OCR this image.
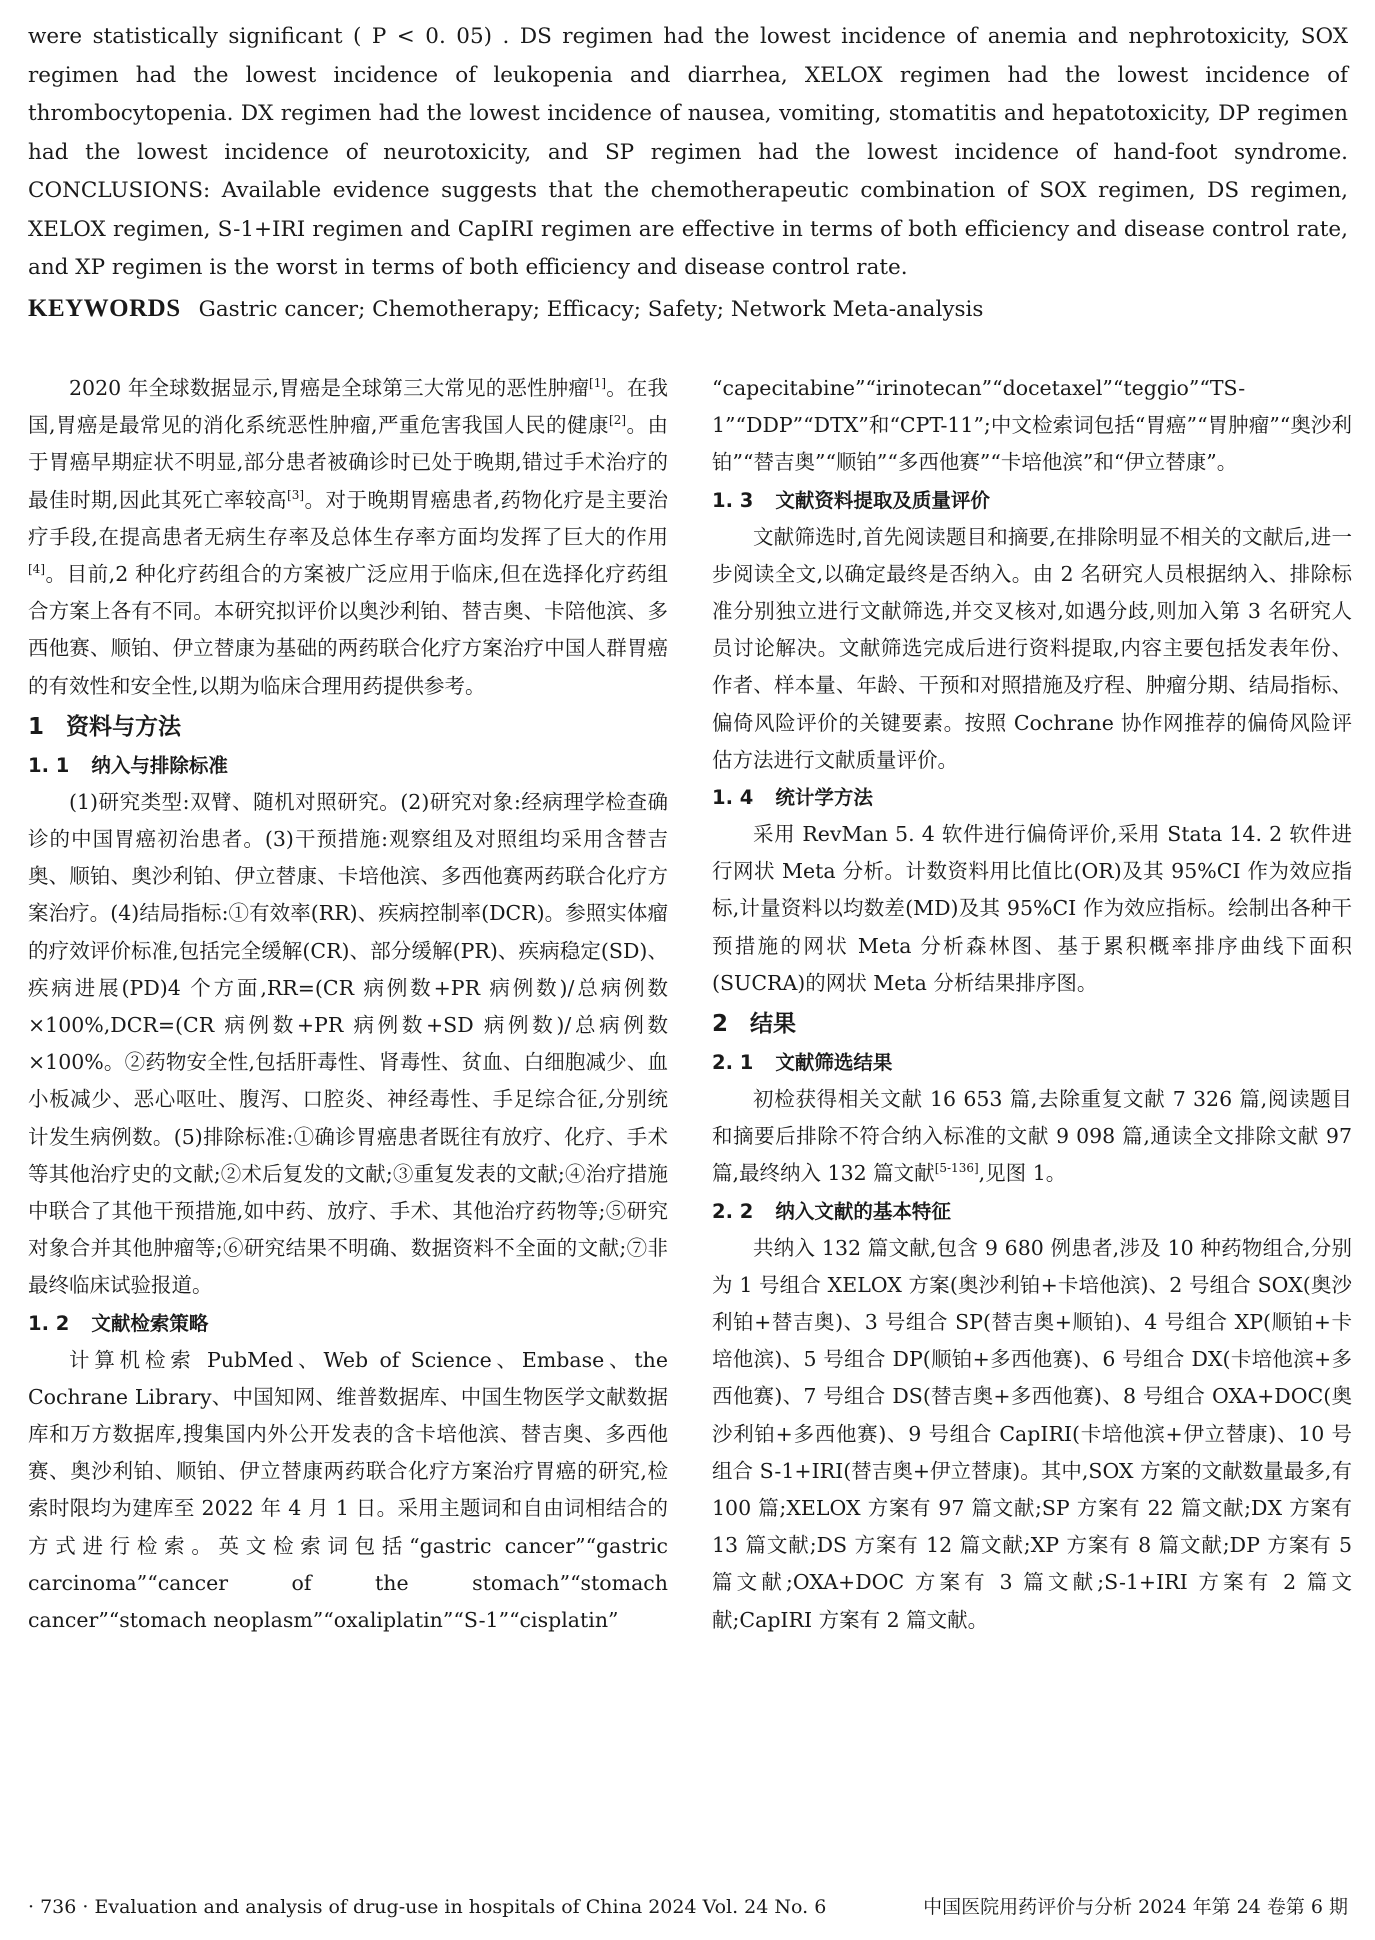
were statistically significant ( P < 0. 05) . DS regimen had the lowest incidence of anemia and nephrotoxicity, SOX regimen had the lowest incidence of leukopenia and diarrhea, XELOX regimen had the lowest incidence of thrombocytopenia. DX regimen had the lowest incidence of nausea, vomiting, stomatitis and hepatotoxicity, DP regimen had the lowest incidence of neurotoxicity, and SP regimen had the lowest incidence of hand-foot syndrome. CONCLUSIONS: Available evidence suggests that the chemotherapeutic combination of SOX regimen, DS regimen, XELOX regimen, S-1+IRI regimen and CapIRI regimen are effective in terms of both efficiency and disease control rate, and XP regimen is the worst in terms of both efficiency and disease control rate.

KEYWORDS Gastric cancer; Chemotherapy; Efficacy; Safety; Network Meta-analysis

2020 年全球数据显示,胃癌是全球第三大常见的恶性肿瘤[1]。在我国,胃癌是最常见的消化系统恶性肿瘤,严重危害我国人民的健康[2]。由于胃癌早期症状不明显,部分患者被确诊时已处于晚期,错过手术治疗的最佳时期,因此其死亡率较高[3]。对于晚期胃癌患者,药物化疗是主要治疗手段,在提高患者无病生存率及总体生存率方面均发挥了巨大的作用[4]。目前,2 种化疗药组合的方案被广泛应用于临床,但在选择化疗药组合方案上各有不同。本研究拟评价以奥沙利铂、替吉奥、卡陪他滨、多西他赛、顺铂、伊立替康为基础的两药联合化疗方案治疗中国人群胃癌的有效性和安全性,以期为临床合理用药提供参考。

1 资料与方法
1. 1 纳入与排除标准

(1)研究类型:双臂、随机对照研究。(2)研究对象:经病理学检查确诊的中国胃癌初治患者。(3)干预措施:观察组及对照组均采用含替吉奥、顺铂、奥沙利铂、伊立替康、卡培他滨、多西他赛两药联合化疗方案治疗。(4)结局指标:①有效率(RR)、疾病控制率(DCR)。参照实体瘤的疗效评价标准,包括完全缓解(CR)、部分缓解(PR)、疾病稳定(SD)、疾病进展(PD)4 个方面,RR=(CR 病例数+PR 病例数)/总病例数×100%,DCR=(CR 病例数+PR 病例数+SD 病例数)/总病例数×100%。②药物安全性,包括肝毒性、肾毒性、贫血、白细胞减少、血小板减少、恶心呕吐、腹泻、口腔炎、神经毒性、手足综合征,分别统计发生病例数。(5)排除标准:①确诊胃癌患者既往有放疗、化疗、手术等其他治疗史的文献;②术后复发的文献;③重复发表的文献;④治疗措施中联合了其他干预措施,如中药、放疗、手术、其他治疗药物等;⑤研究对象合并其他肿瘤等;⑥研究结果不明确、数据资料不全面的文献;⑦非最终临床试验报道。

1. 2 文献检索策略

计算机检索 PubMed、Web of Science、Embase、the Cochrane Library、中国知网、维普数据库、中国生物医学文献数据库和万方数据库,搜集国内外公开发表的含卡培他滨、替吉奥、多西他赛、奥沙利铂、顺铂、伊立替康两药联合化疗方案治疗胃癌的研究,检索时限均为建库至 2022 年 4 月 1 日。采用主题词和自由词相结合的方式进行检索。英文检索词包括“gastric cancer”“gastric carcinoma”“cancer of the stomach”“stomach cancer”“stomach neoplasm”“oxaliplatin”“S-1”“cisplatin”

“capecitabine”“irinotecan”“docetaxel”“teggio”“TS-1”“DDP”“DTX”和“CPT-11”;中文检索词包括“胃癌”“胃肿瘤”“奥沙利铂”“替吉奥”“顺铂”“多西他赛”“卡培他滨”和“伊立替康”。

1. 3 文献资料提取及质量评价

文献筛选时,首先阅读题目和摘要,在排除明显不相关的文献后,进一步阅读全文,以确定最终是否纳入。由 2 名研究人员根据纳入、排除标准分别独立进行文献筛选,并交叉核对,如遇分歧,则加入第 3 名研究人员讨论解决。文献筛选完成后进行资料提取,内容主要包括发表年份、作者、样本量、年龄、干预和对照措施及疗程、肿瘤分期、结局指标、偏倚风险评价的关键要素。按照 Cochrane 协作网推荐的偏倚风险评估方法进行文献质量评价。

1. 4 统计学方法

采用 RevMan 5. 4 软件进行偏倚评价,采用 Stata 14. 2 软件进行网状 Meta 分析。计数资料用比值比(OR)及其 95%CI 作为效应指标,计量资料以均数差(MD)及其 95%CI 作为效应指标。绘制出各种干预措施的网状 Meta 分析森林图、基于累积概率排序曲线下面积(SUCRA)的网状 Meta 分析结果排序图。

2 结果
2. 1 文献筛选结果

初检获得相关文献 16 653 篇,去除重复文献 7 326 篇,阅读题目和摘要后排除不符合纳入标准的文献 9 098 篇,通读全文排除文献 97 篇,最终纳入 132 篇文献[5-136],见图 1。

2. 2 纳入文献的基本特征

共纳入 132 篇文献,包含 9 680 例患者,涉及 10 种药物组合,分别为 1 号组合 XELOX 方案(奥沙利铂+卡培他滨)、2 号组合 SOX(奥沙利铂+替吉奥)、3 号组合 SP(替吉奥+顺铂)、4 号组合 XP(顺铂+卡培他滨)、5 号组合 DP(顺铂+多西他赛)、6 号组合 DX(卡培他滨+多西他赛)、7 号组合 DS(替吉奥+多西他赛)、8 号组合 OXA+DOC(奥沙利铂+多西他赛)、9 号组合 CapIRI(卡培他滨+伊立替康)、10 号组合 S-1+IRI(替吉奥+伊立替康)。其中,SOX 方案的文献数量最多,有 100 篇;XELOX 方案有 97 篇文献;SP 方案有 22 篇文献;DX 方案有 13 篇文献;DS 方案有 12 篇文献;XP 方案有 8 篇文献;DP 方案有 5 篇文献;OXA+DOC 方案有 3 篇文献;S-1+IRI 方案有 2 篇文献;CapIRI 方案有 2 篇文献。

· 736 · Evaluation and analysis of drug-use in hospitals of China 2024 Vol. 24 No. 6	中国医院用药评价与分析 2024 年第 24 卷第 6 期
